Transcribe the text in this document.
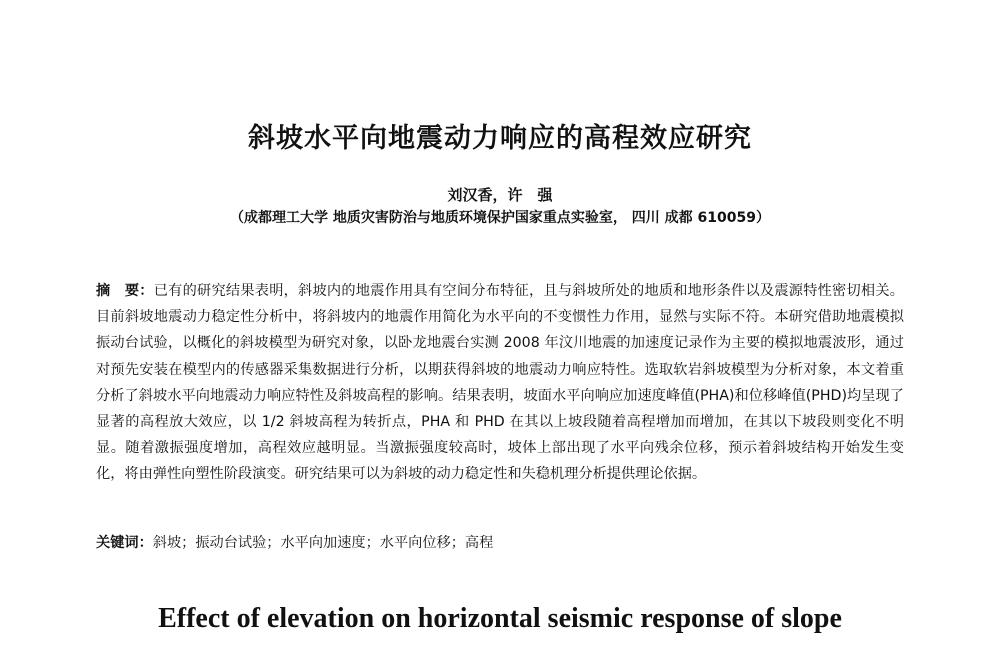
斜坡水平向地震动力响应的高程效应研究
刘汉香，许　强
（成都理工大学 地质灾害防治与地质环境保护国家重点实验室， 四川 成都 610059）
摘　要：已有的研究结果表明，斜坡内的地震作用具有空间分布特征，且与斜坡所处的地质和地形条件以及震源特性密切相关。目前斜坡地震动力稳定性分析中，将斜坡内的地震作用简化为水平向的不变惯性力作用，显然与实际不符。本研究借助地震模拟振动台试验，以概化的斜坡模型为研究对象，以卧龙地震台实测 2008 年汶川地震的加速度记录作为主要的模拟地震波形，通过对预先安装在模型内的传感器采集数据进行分析，以期获得斜坡的地震动力响应特性。选取软岩斜坡模型为分析对象，本文着重分析了斜坡水平向地震动力响应特性及斜坡高程的影响。结果表明，坡面水平向响应加速度峰值(PHA)和位移峰值(PHD)均呈现了显著的高程放大效应，以 1/2 斜坡高程为转折点，PHA 和 PHD 在其以上坡段随着高程增加而增加，在其以下坡段则变化不明显。随着激振强度增加，高程效应越明显。当激振强度较高时，坡体上部出现了水平向残余位移，预示着斜坡结构开始发生变化，将由弹性向塑性阶段演变。研究结果可以为斜坡的动力稳定性和失稳机理分析提供理论依据。
关键词：斜坡；振动台试验；水平向加速度；水平向位移；高程
Effect of elevation on horizontal seismic response of slope
